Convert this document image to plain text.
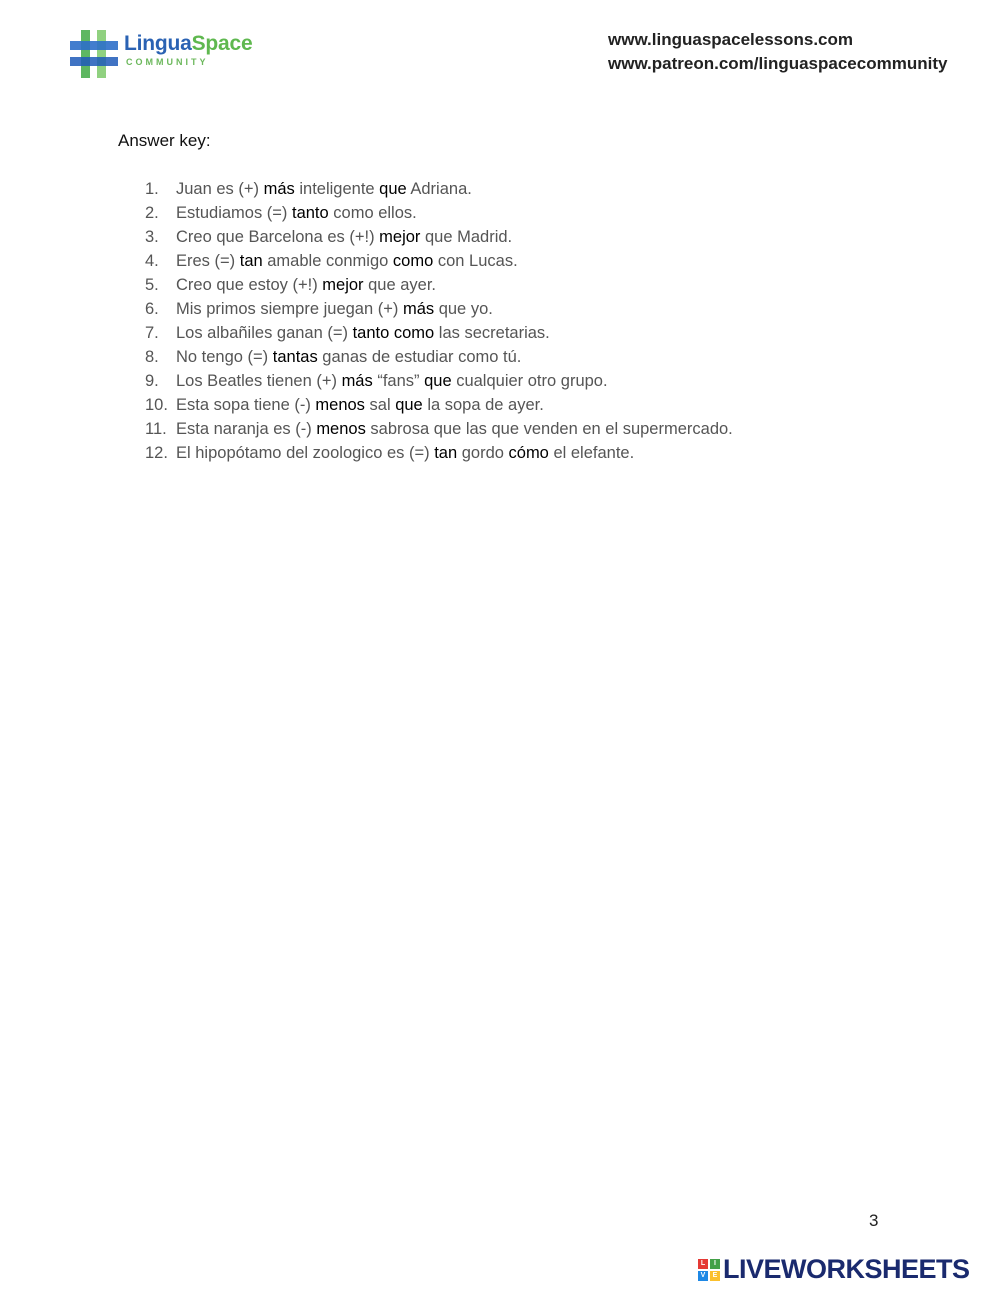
LinguaSpace
COMMUNITY
www.linguaspacelessons.com
www.patreon.com/linguaspacecommunity
Answer key:
1. Juan es (+) más inteligente que Adriana.
2. Estudiamos (=) tanto como ellos.
3. Creo que Barcelona es (+!) mejor que Madrid.
4. Eres (=) tan amable conmigo como con Lucas.
5. Creo que estoy (+!) mejor que ayer.
6. Mis primos siempre juegan (+) más que yo.
7. Los albañiles ganan (=) tanto como las secretarias.
8. No tengo (=) tantas ganas de estudiar como tú.
9. Los Beatles tienen (+) más “fans” que cualquier otro grupo.
10. Esta sopa tiene (-) menos sal que la sopa de ayer.
11. Esta naranja es (-) menos sabrosa que las que venden en el supermercado.
12. El hipopótamo del zoologico es (=) tan gordo cómo el elefante.
3
L	I
V	E LIVEWORKSHEETS
